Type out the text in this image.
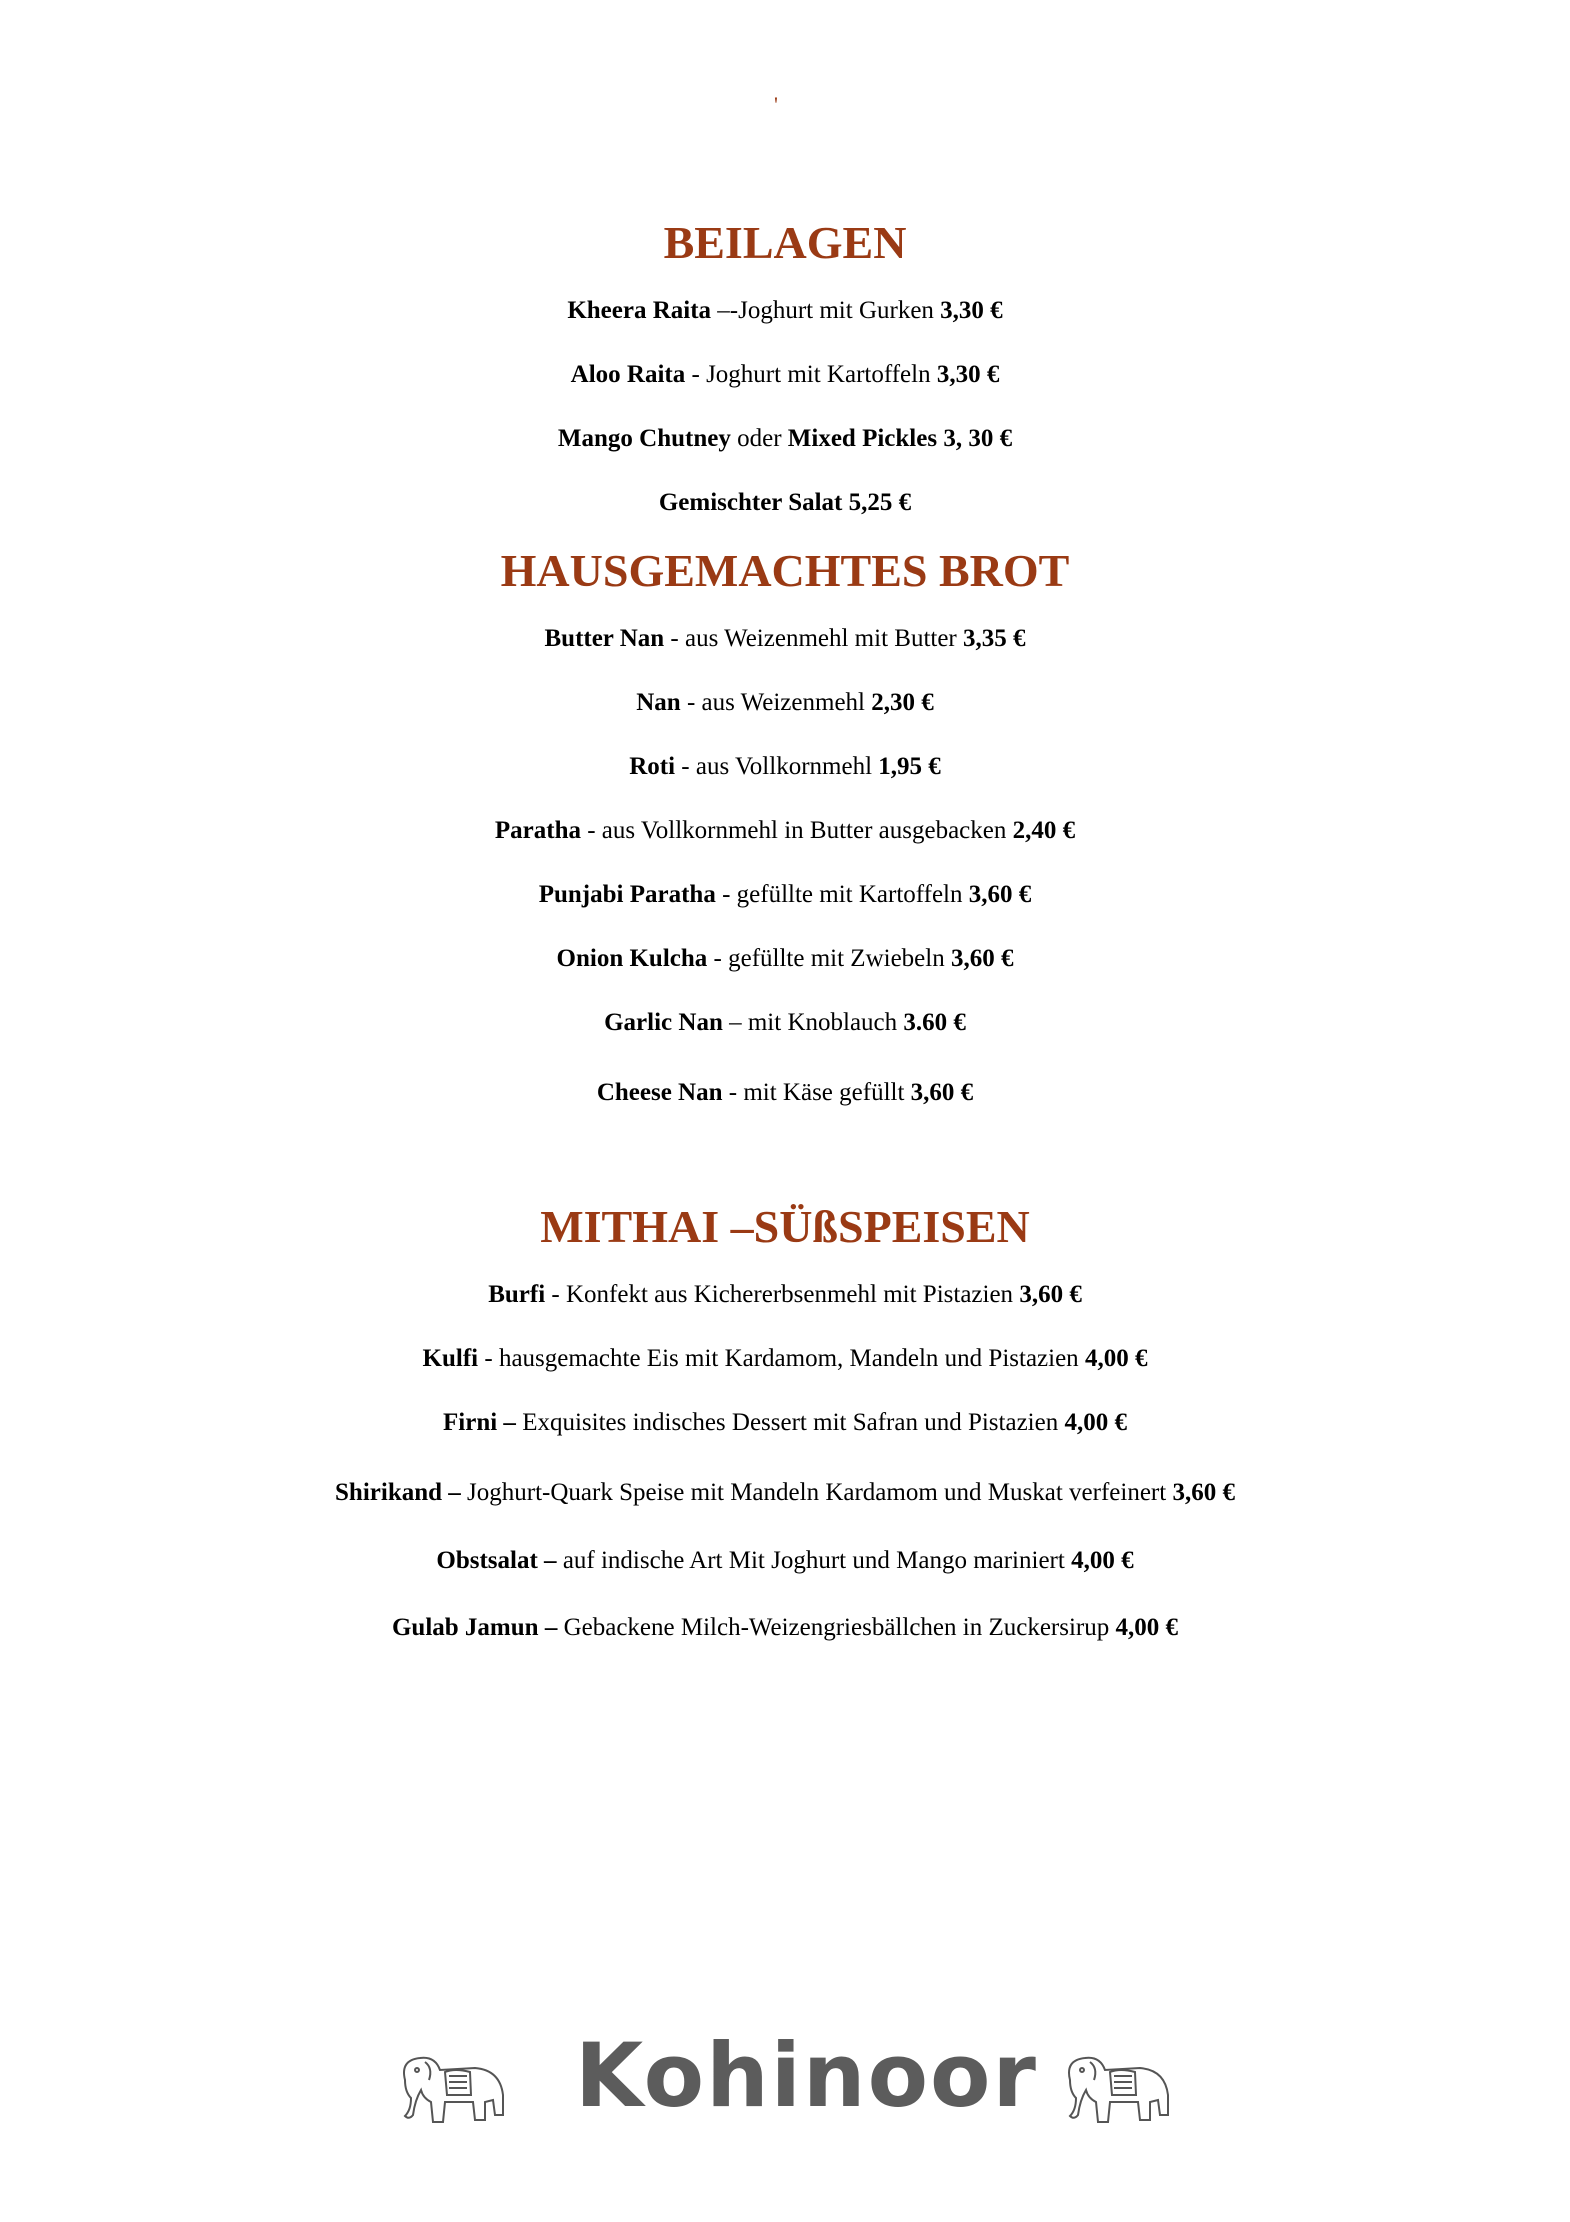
'
BEILAGEN
Kheera Raita –-Joghurt mit Gurken 3,30 €
Aloo Raita - Joghurt mit Kartoffeln 3,30 €
Mango Chutney oder Mixed Pickles 3, 30 €
Gemischter Salat 5,25 €
HAUSGEMACHTES BROT
Butter Nan - aus Weizenmehl mit Butter 3,35 €
Nan - aus Weizenmehl 2,30 €
Roti - aus Vollkornmehl 1,95 €
Paratha - aus Vollkornmehl in Butter ausgebacken 2,40 €
Punjabi Paratha - gefüllte mit Kartoffeln 3,60 €
Onion Kulcha - gefüllte mit Zwiebeln 3,60 €
Garlic Nan – mit Knoblauch 3.60 €
Cheese Nan - mit Käse gefüllt 3,60 €
MITHAI –SÜßSPEISEN
Burfi - Konfekt aus Kichererbsenmehl mit Pistazien 3,60 €
Kulfi - hausgemachte Eis mit Kardamom, Mandeln und Pistazien 4,00 €
Firni – Exquisites indisches Dessert mit Safran und Pistazien 4,00 €
Shirikand – Joghurt-Quark Speise mit Mandeln Kardamom und Muskat verfeinert 3,60 €
Obstsalat – auf indische Art Mit Joghurt und Mango mariniert 4,00 €
Gulab Jamun – Gebackene Milch-Weizengriesbällchen in Zuckersirup 4,00 €
Kohinoor
